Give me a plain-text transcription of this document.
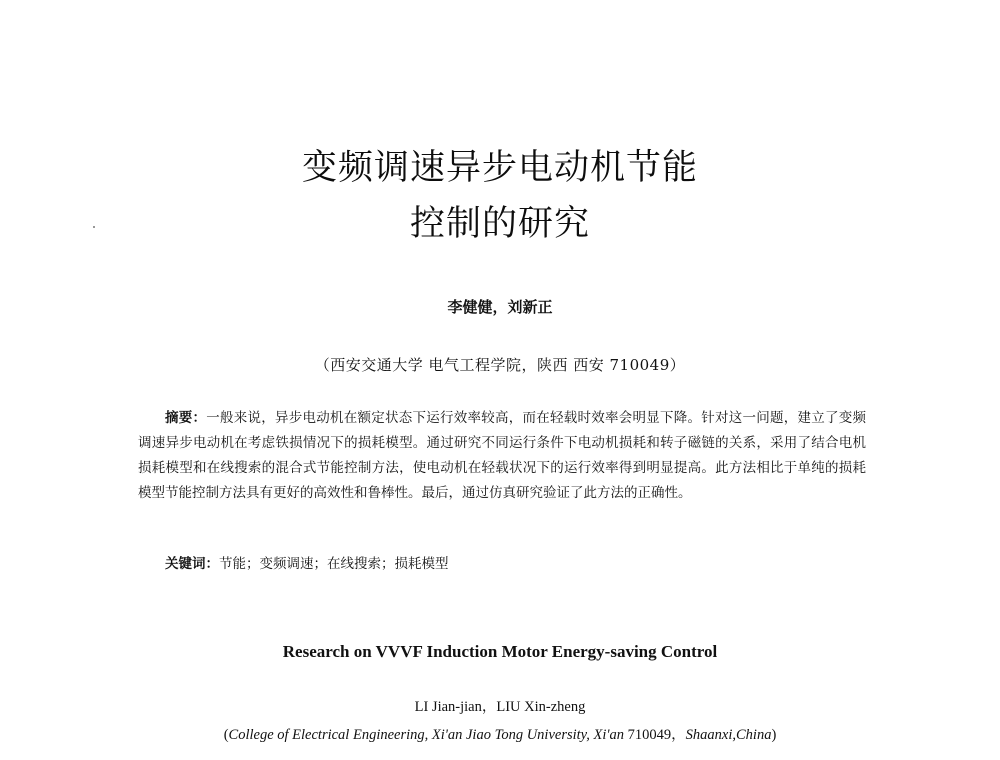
变频调速异步电动机节能
控制的研究
李健健，刘新正
（西安交通大学 电气工程学院，陕西 西安 710049）

摘要：一般来说，异步电动机在额定状态下运行效率较高，而在轻载时效率会明显下降。针对这一问题，建立了变频调速异步电动机在考虑铁损情况下的损耗模型。通过研究不同运行条件下电动机损耗和转子磁链的关系，采用了结合电机损耗模型和在线搜索的混合式节能控制方法，使电动机在轻载状况下的运行效率得到明显提高。此方法相比于单纯的损耗模型节能控制方法具有更好的高效性和鲁棒性。最后，通过仿真研究验证了此方法的正确性。

关键词：节能；变频调速；在线搜索；损耗模型
Research on VVVF Induction Motor Energy-saving Control
LI Jian-jian，LIU Xin-zheng
(College of Electrical Engineering, Xi'an Jiao Tong University, Xi'an 710049，Shaanxi,China)
